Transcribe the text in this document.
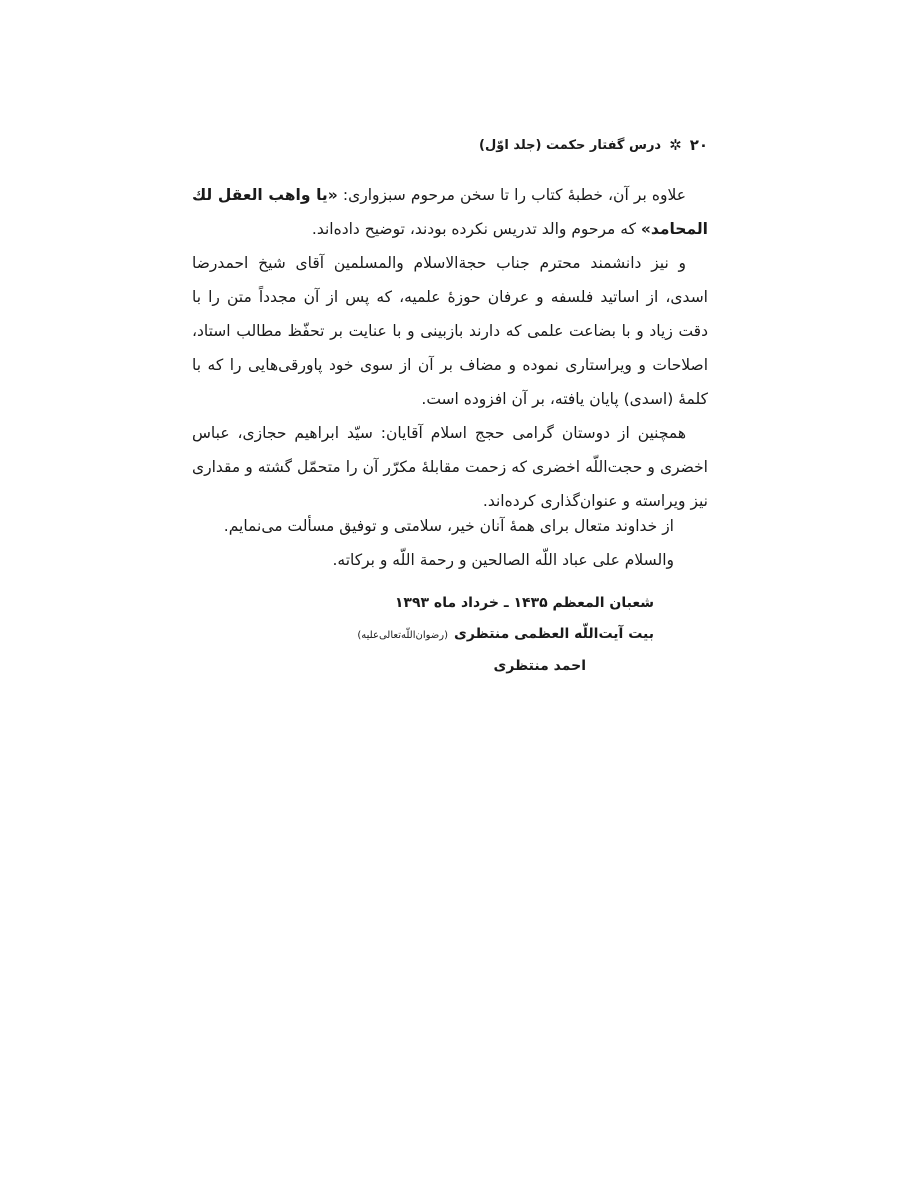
۲۰
✲
درس گفتار حکمت (جلد اوّل)

علاوه بر آن، خطبهٔ کتاب را تا سخن مرحوم سبزواری: «یا واهب العقل لك المحامد» که مرحوم والد تدریس نکرده بودند، توضیح داده‌اند.

و نیز دانشمند محترم جناب حجةالاسلام والمسلمین آقای شیخ احمدرضا اسدی، از اساتید فلسفه و عرفان حوزهٔ علمیه، که پس از آن مجدداً متن را با دقت زیاد و با بضاعت علمی که دارند بازبینی و با عنایت بر تحفّظ مطالب استاد، اصلاحات و ویراستاری نموده و مضاف بر آن از سوی خود پاورقی‌هایی را که با کلمهٔ (اسدی) پایان یافته، بر آن افزوده است.

همچنین از دوستان گرامی حجج اسلام آقایان: سیّد ابراهیم حجازی، عباس اخضری و حجت‌اللّه اخضری که زحمت مقابلهٔ مکرّر آن را متحمّل گشته و مقداری نیز ویراسته و عنوان‌گذاری کرده‌اند.

از خداوند متعال برای همهٔ آنان خیر، سلامتی و توفیق مسألت می‌نمایم.

والسلام علی عباد اللّه الصالحین و رحمة اللّه و برکاته.

شعبان المعظم ۱۴۳۵ ـ خرداد ماه ۱۳۹۳
بیت آیت‌اللّه العظمی منتظری(رضوان‌اللّه‌تعالی‌علیه)
احمد منتظری
